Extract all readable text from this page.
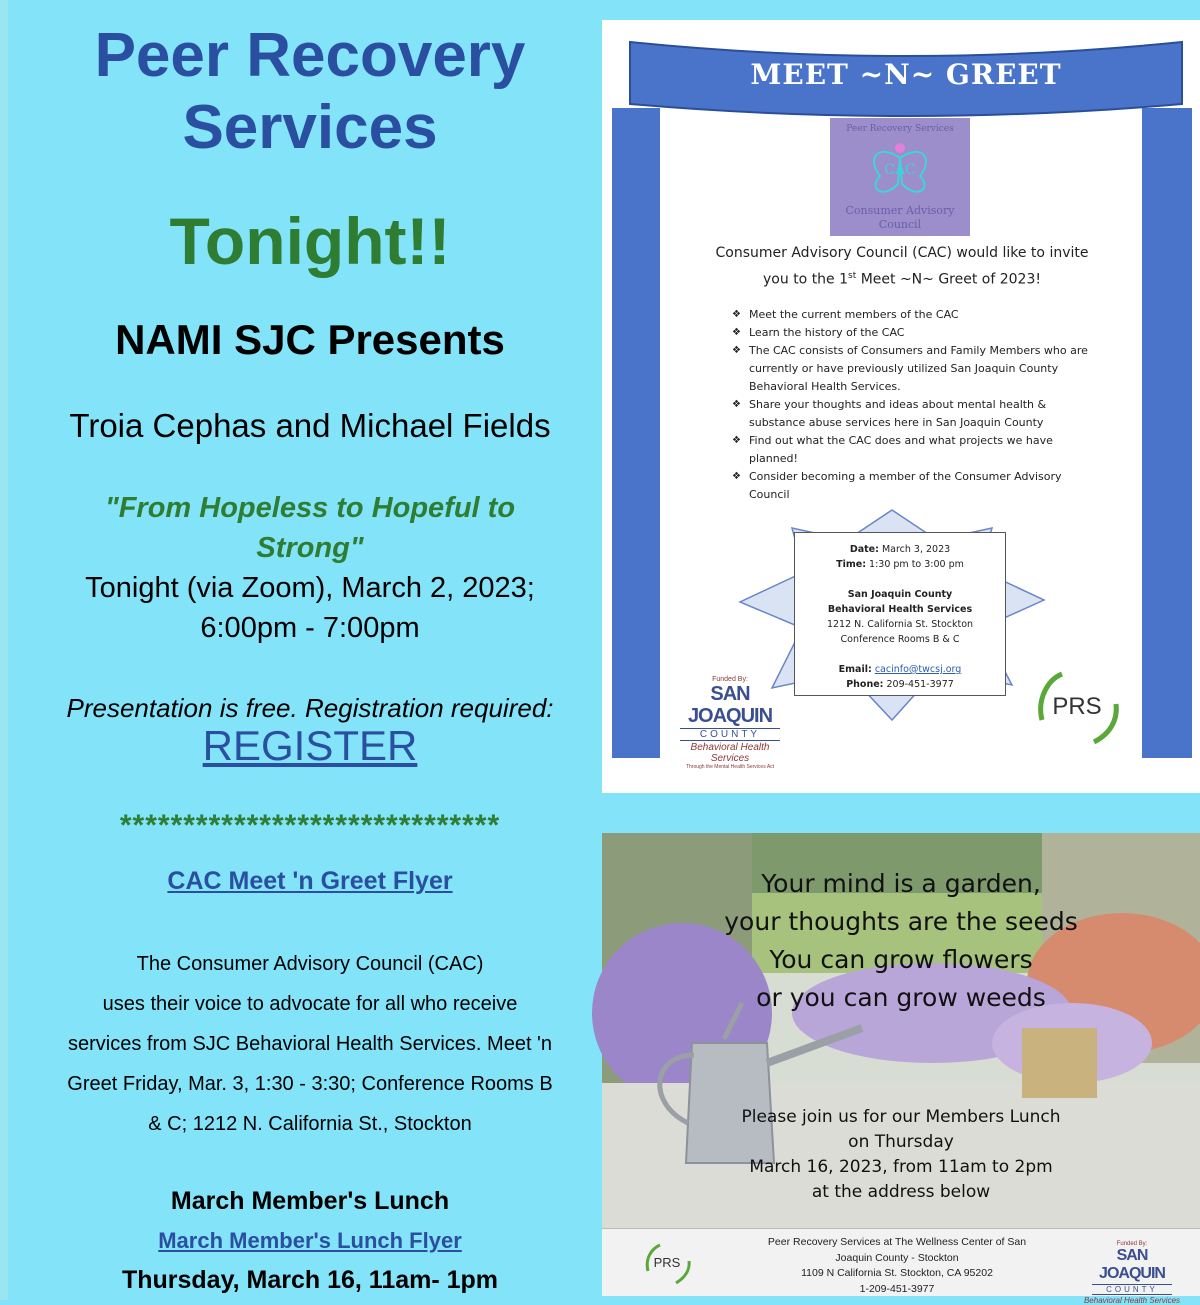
Peer Recovery
Services
Tonight!!
NAMI SJC Presents
Troia Cephas and Michael Fields
"From Hopeless to Hopeful to
Strong"
Tonight (via Zoom), March 2, 2023;
6:00pm - 7:00pm
Presentation is free. Registration required:
REGISTER
******************************
CAC Meet 'n Greet Flyer
The Consumer Advisory Council (CAC)
uses their voice to advocate for all who receive
services from SJC Behavioral Health Services. Meet 'n
Greet Friday, Mar. 3, 1:30 - 3:30; Conference Rooms B
& C; 1212 N. California St., Stockton
March Member's Lunch
March Member's Lunch Flyer
Thursday, March 16, 11am- 1pm
MEET ~N~ GREET
Peer Recovery Services
CAC
Consumer Advisory
Council
Consumer Advisory Council (CAC) would like to invite
you to the 1st Meet ~N~ Greet of 2023!
❖ Meet the current members of the CAC
❖ Learn the history of the CAC
❖ The CAC consists of Consumers and Family Members who are currently or have previously utilized San Joaquin County Behavioral Health Services.
❖ Share your thoughts and ideas about mental health & substance abuse services here in San Joaquin County
❖ Find out what the CAC does and what projects we have planned!
❖ Consider becoming a member of the Consumer Advisory Council
Date: March 3, 2023
Time: 1:30 pm to 3:00 pm
San Joaquin County
Behavioral Health Services
1212 N. California St. Stockton
Conference Rooms B & C
Email: cacinfo@twcsj.org
Phone: 209-451-3977
Funded By:
SAN JOAQUIN
COUNTY
Behavioral Health Services
Through the Mental Health Services Act
PRS
Your mind is a garden,
your thoughts are the seeds
You can grow flowers
or you can grow weeds
Please join us for our Members Lunch
on Thursday
March 16, 2023, from 11am to 2pm
at the address below
PRS
Peer Recovery Services at The Wellness Center of San
Joaquin County - Stockton
1109 N California St. Stockton, CA 95202
1-209-451-3977
Funded By:
SAN JOAQUIN
COUNTY
Behavioral Health Services
